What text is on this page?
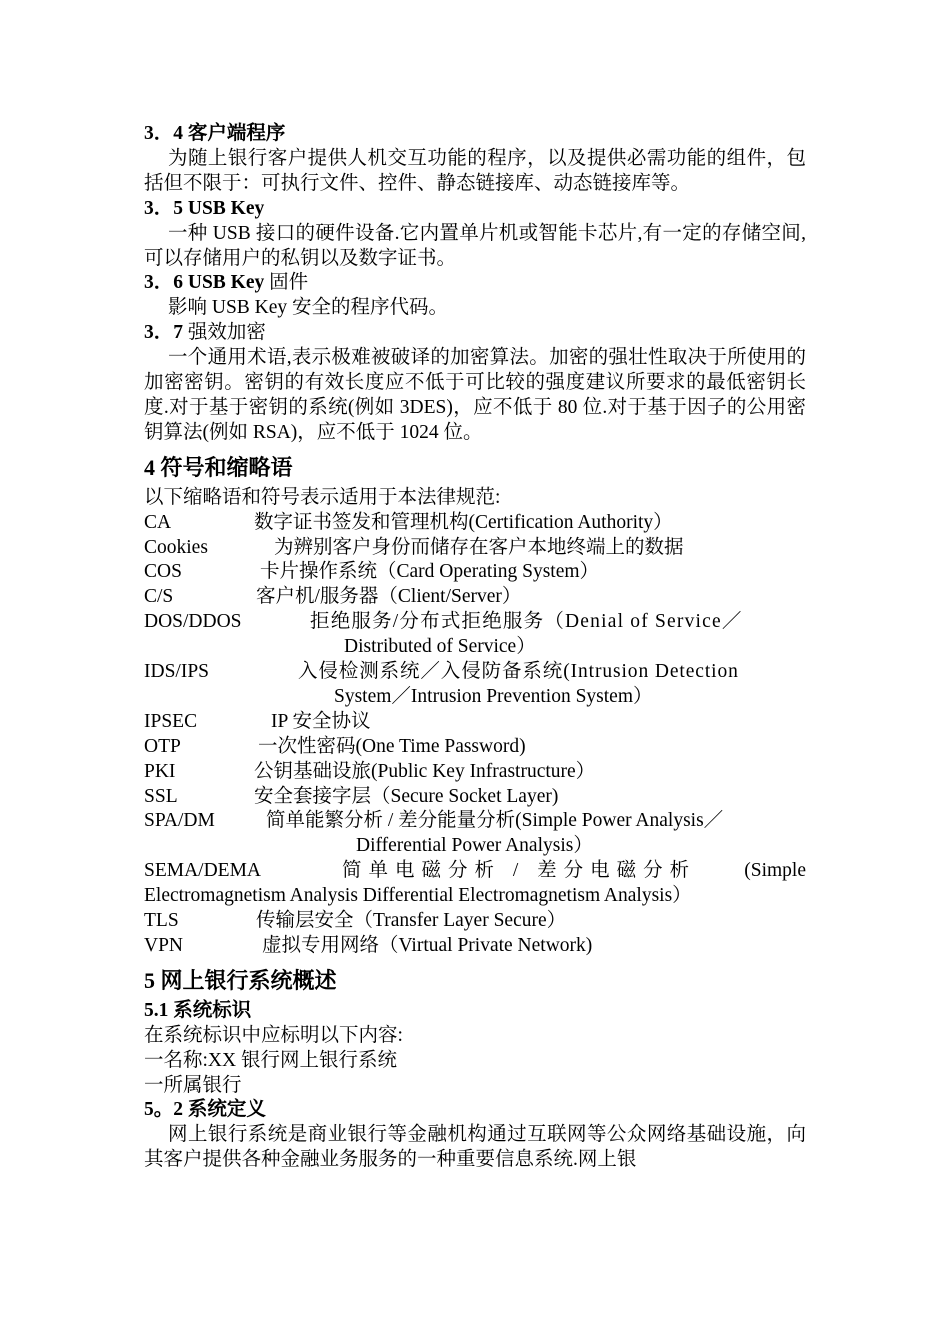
3．4 客户端程序
为随上银行客户提供人机交互功能的程序，以及提供必需功能的组件，包括但不限于：可执行文件、控件、静态链接库、动态链接库等。
3．5 USB Key
一种 USB 接口的硬件设备.它内置单片机或智能卡芯片,有一定的存储空间,可以存储用户的私钥以及数字证书。
3．6 USB Key 固件
影响 USB Key 安全的程序代码。
3．7 强效加密
一个通用术语,表示极难被破译的加密算法。加密的强壮性取决于所使用的加密密钥。密钥的有效长度应不低于可比较的强度建议所要求的最低密钥长度.对于基于密钥的系统(例如 3DES)，应不低于 80 位.对于基于因子的公用密钥算法(例如 RSA)，应不低于 1024 位。
4 符号和缩略语
以下缩略语和符号表示适用于本法律规范:
CA	数字证书签发和管理机构(Certification Authority）
Cookies	为辨别客户身份而储存在客户本地终端上的数据
COS	卡片操作系统（Card Operating System）
C/S	客户机/服务器（Client/Server）
DOS/DDOS	拒绝服务/分布式拒绝服务（Denial of Service／
Distributed of Service）
IDS/IPS	入侵检测系统／入侵防备系统(Intrusion Detection
System／Intrusion Prevention System）
IPSEC	IP 安全协议
OTP	一次性密码(One Time Password)
PKI	公钥基础设旅(Public Key Infrastructure）
SSL	安全套接字层（Secure Socket Layer)
SPA/DM	简单能繁分析 / 差分能量分析(Simple Power Analysis／
Differential Power Analysis）
SEMA/DEMA	简单电磁分析 / 差分电磁分析 (Simple
Electromagnetism Analysis Differential Electromagnetism Analysis）
TLS	传输层安全（Transfer Layer Secure）
VPN	虚拟专用网络（Virtual Private Network)
5 网上银行系统概述
5.1 系统标识
在系统标识中应标明以下内容:
一名称:XX 银行网上银行系统
一所属银行
5。2 系统定义
网上银行系统是商业银行等金融机构通过互联网等公众网络基础设施，向其客户提供各种金融业务服务的一种重要信息系统.网上银
